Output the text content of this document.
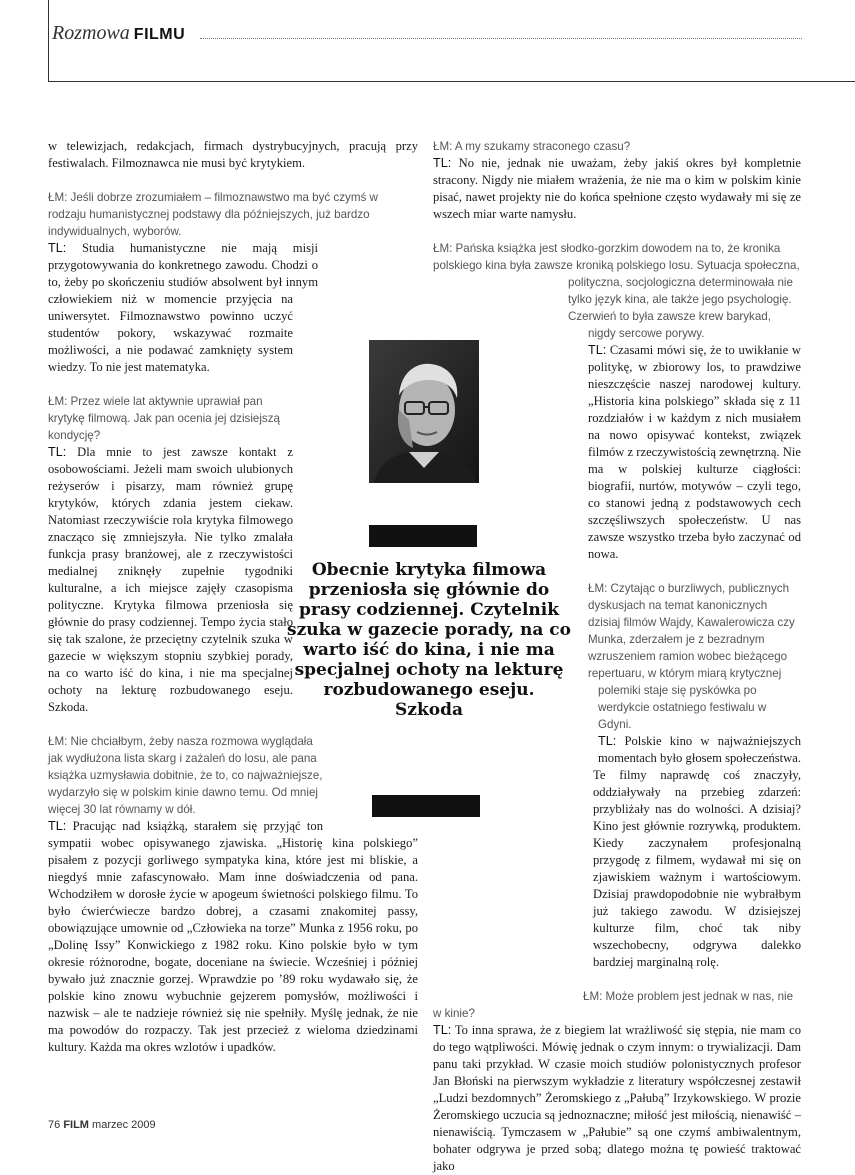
Rozmowa FILMU

w telewizjach, redakcjach, firmach dystrybucyjnych, pracują przy festiwalach. Filmoznawca nie musi być krytykiem.

ŁM: Jeśli dobrze zrozumiałem – filmoznawstwo ma być czymś w rodzaju humanistycznej podstawy dla późniejszych, już bardzo indywidualnych, wyborów.

TL: Studia humanistyczne nie mają misji przygotowywania do konkretnego zawodu. Chodzi o to, żeby po skończeniu studiów absolwent był innym człowiekiem niż w momencie przyjęcia na uniwersytet. Filmoznawstwo powinno uczyć studentów pokory, wskazywać rozmaite możliwości, a nie podawać zamknięty system wiedzy. To nie jest matematyka.

ŁM: Przez wiele lat aktywnie uprawiał pan krytykę filmową. Jak pan ocenia jej dzisiejszą kondycję?

TL: Dla mnie to jest zawsze kontakt z osobowościami. Jeżeli mam swoich ulubionych reżyserów i pisarzy, mam również grupę krytyków, których zdania jestem ciekaw. Natomiast rzeczywiście rola krytyka filmowego znacząco się zmniejszyła. Nie tylko zmalała funkcja prasy branżowej, ale z rzeczywistości medialnej zniknęły zupełnie tygodniki kulturalne, a ich miejsce zajęły czasopisma polityczne. Krytyka filmowa przeniosła się głównie do prasy codziennej. Tempo życia stało się tak szalone, że przeciętny czytelnik szuka w gazecie w większym stopniu szybkiej porady, na co warto iść do kina, i nie ma specjalnej ochoty na lekturę rozbudowanego eseju. Szkoda.

ŁM: Nie chciałbym, żeby nasza rozmowa wyglądała jak wydłużona lista skarg i zażaleń do losu, ale pana książka uzmysławia dobitnie, że to, co najważniejsze, wydarzyło się w polskim kinie dawno temu. Od mniej więcej 30 lat równamy w dół.

TL: Pracując nad książką, starałem się przyjąć ton sympatii wobec opisywanego zjawiska. „Historię kina polskiego” pisałem z pozycji gorliwego sympatyka kina, które jest mi bliskie, a niegdyś mnie zafascynowało. Mam inne doświadczenia od pana. Wchodziłem w dorosłe życie w apogeum świetności polskiego filmu. To było ćwierćwiecze bardzo dobrej, a czasami znakomitej passy, obowiązujące umownie od „Człowieka na torze” Munka z 1956 roku, po „Dolinę Issy” Konwickiego z 1982 roku. Kino polskie było w tym okresie różnorodne, bogate, doceniane na świecie. Wcześniej i później bywało już znacznie gorzej. Wprawdzie po ’89 roku wydawało się, że polskie kino znowu wybuchnie gejzerem pomysłów, możliwości i nazwisk – ale te nadzieje również się nie spełniły. Myślę jednak, że nie ma powodów do rozpaczy. Tak jest przecież z wieloma dziedzinami kultury. Każda ma okres wzlotów i upadków.

ŁM: A my szukamy straconego czasu?

TL: No nie, jednak nie uważam, żeby jakiś okres był kompletnie stracony. Nigdy nie miałem wrażenia, że nie ma o kim w polskim kinie pisać, nawet projekty nie do końca spełnione często wydawały mi się ze wszech miar warte namysłu.

ŁM: Pańska książka jest słodko-gorzkim dowodem na to, że kronika polskiego kina była zawsze kroniką polskiego losu. Sytuacja społeczna, polityczna, socjologiczna determinowała nie tylko język kina, ale także jego psychologię. Czerwień to była zawsze krew barykad, nigdy sercowe porywy.

TL: Czasami mówi się, że to uwikłanie w politykę, w zbiorowy los, to prawdziwe nieszczęście naszej narodowej kultury. „Historia kina polskiego” składa się z 11 rozdziałów i w każdym z nich musiałem na nowo opisywać kontekst, związek filmów z rzeczywistością zewnętrzną. Nie ma w polskiej kulturze ciągłości: biografii, nurtów, motywów – czyli tego, co stanowi jedną z podstawowych cech szczęśliwszych społeczeństw. U nas zawsze wszystko trzeba było zaczynać od nowa.

ŁM: Czytając o burzliwych, publicznych dyskusjach na temat kanonicznych dzisiaj filmów Wajdy, Kawalerowicza czy Munka, zderzałem je z bezradnym wzruszeniem ramion wobec bieżącego repertuaru, w którym miarą krytycznej polemiki staje się pyskówka po werdykcie ostatniego festiwalu w Gdyni.

TL: Polskie kino w najważniejszych momentach było głosem społeczeństwa. Te filmy naprawdę coś znaczyły, oddziaływały na przebieg zdarzeń: przybliżały nas do wolności. A dzisiaj? Kino jest głównie rozrywką, produktem. Kiedy zaczynałem profesjonalną przygodę z filmem, wydawał mi się on zjawiskiem ważnym i wartościowym. Dzisiaj prawdopodobnie nie wybrałbym już takiego zawodu. W dzisiejszej kulturze film, choć tak niby wszechobecny, odgrywa dalekko bardziej marginalną rolę.

ŁM: Może problem jest jednak w nas, nie w kinie?

TL: To inna sprawa, że z biegiem lat wrażliwość się stępia, nie mam co do tego wątpliwości. Mówię jednak o czym innym: o trywializacji. Dam panu taki przykład. W czasie moich studiów polonistycznych profesor Jan Błoński na pierwszym wykładzie z literatury współczesnej zestawił „Ludzi bezdomnych” Żeromskiego z „Pałubą” Irzykowskiego. W prozie Żeromskiego uczucia są jednoznaczne; miłość jest miłością, nienawiść – nienawiścią. Tymczasem w „Pałubie” są one czymś ambiwalentnym, bohater odgrywa je przed sobą; dlatego można tę powieść traktować jako

Obecnie krytyka filmowa przeniosła się głównie do prasy codziennej. Czytelnik szuka w gazecie porady, na co warto iść do kina, i nie ma specjalnej ochoty na lekturę rozbudowanego eseju. Szkoda
76 FILM marzec 2009
